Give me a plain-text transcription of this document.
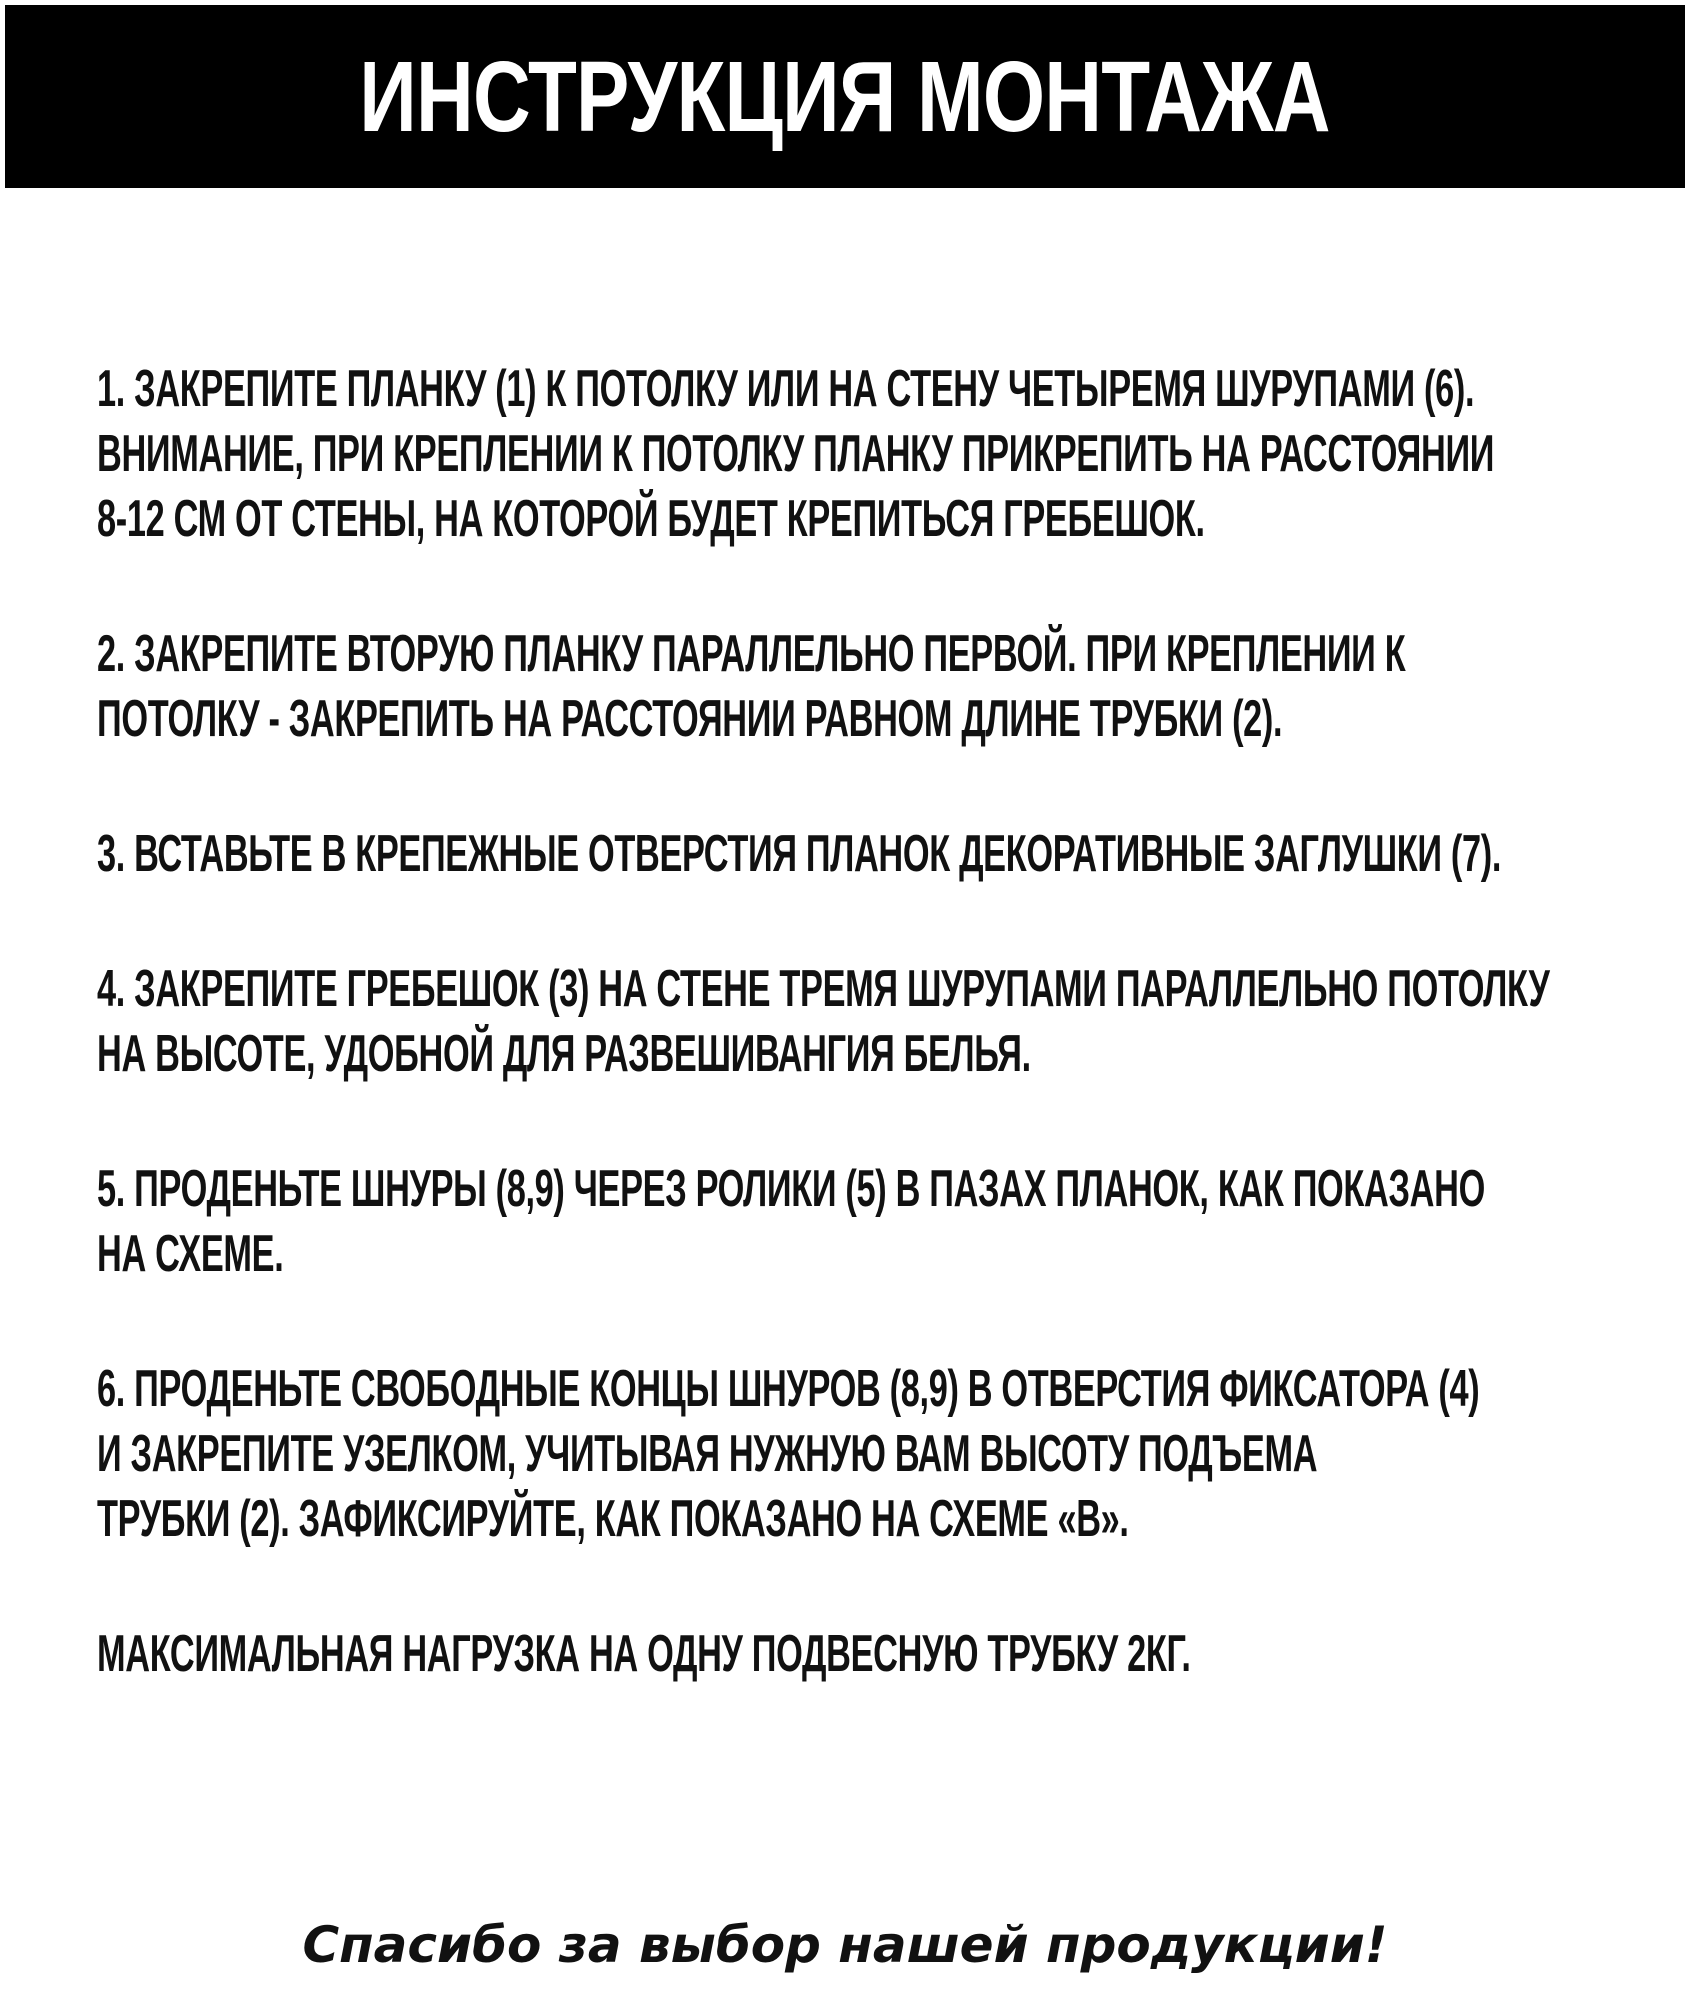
ИНСТРУКЦИЯ МОНТАЖА
1. ЗАКРЕПИТЕ ПЛАНКУ (1) К ПОТОЛКУ ИЛИ НА СТЕНУ ЧЕТЫРЕМЯ ШУРУПАМИ (6).
ВНИМАНИЕ, ПРИ КРЕПЛЕНИИ К ПОТОЛКУ ПЛАНКУ ПРИКРЕПИТЬ НА РАССТОЯНИИ
8-12 СМ ОТ СТЕНЫ, НА КОТОРОЙ БУДЕТ КРЕПИТЬСЯ ГРЕБЕШОК.
2. ЗАКРЕПИТЕ ВТОРУЮ ПЛАНКУ ПАРАЛЛЕЛЬНО ПЕРВОЙ. ПРИ КРЕПЛЕНИИ К
ПОТОЛКУ - ЗАКРЕПИТЬ НА РАССТОЯНИИ РАВНОМ ДЛИНЕ ТРУБКИ (2).
3. ВСТАВЬТЕ В КРЕПЕЖНЫЕ ОТВЕРСТИЯ ПЛАНОК ДЕКОРАТИВНЫЕ ЗАГЛУШКИ (7).
4. ЗАКРЕПИТЕ ГРЕБЕШОК (3) НА СТЕНЕ ТРЕМЯ ШУРУПАМИ ПАРАЛЛЕЛЬНО ПОТОЛКУ
НА ВЫСОТЕ, УДОБНОЙ ДЛЯ РАЗВЕШИВАНГИЯ БЕЛЬЯ.
5. ПРОДЕНЬТЕ ШНУРЫ (8,9) ЧЕРЕЗ РОЛИКИ (5) В ПАЗАХ ПЛАНОК, КАК ПОКАЗАНО
НА СХЕМЕ.
6. ПРОДЕНЬТЕ СВОБОДНЫЕ КОНЦЫ ШНУРОВ (8,9) В ОТВЕРСТИЯ ФИКСАТОРА (4)
И ЗАКРЕПИТЕ УЗЕЛКОМ, УЧИТЫВАЯ НУЖНУЮ ВАМ ВЫСОТУ ПОДЪЕМА
ТРУБКИ (2). ЗАФИКСИРУЙТЕ, КАК ПОКАЗАНО НА СХЕМЕ «В».
МАКСИМАЛЬНАЯ НАГРУЗКА НА ОДНУ ПОДВЕСНУЮ ТРУБКУ 2КГ.
Спасибо за выбор нашей продукции!
